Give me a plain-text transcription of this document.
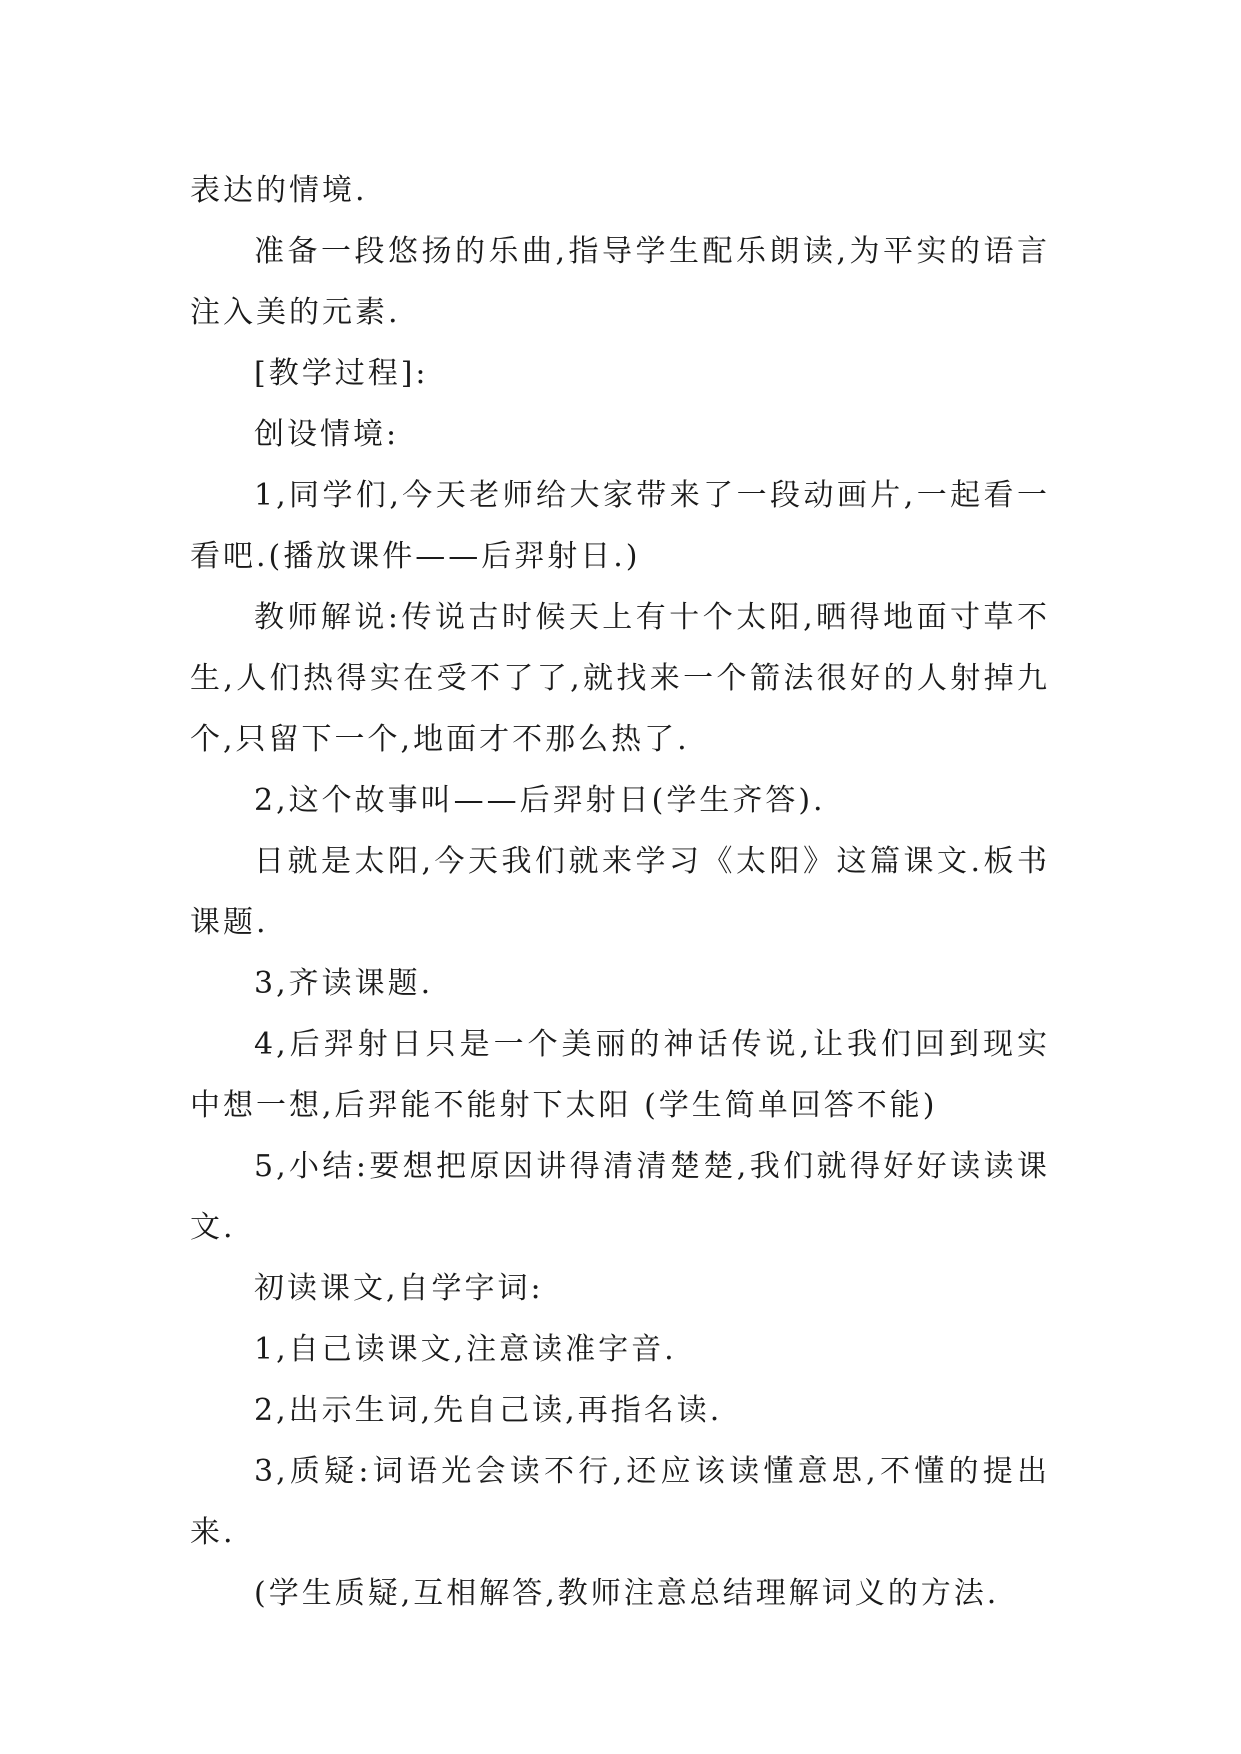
表达的情境.

准备一段悠扬的乐曲,指导学生配乐朗读,为平实的语言注入美的元素.

[教学过程]:

创设情境:

1,同学们,今天老师给大家带来了一段动画片,一起看一看吧.(播放课件——后羿射日.)

教师解说:传说古时候天上有十个太阳,晒得地面寸草不生,人们热得实在受不了了,就找来一个箭法很好的人射掉九个,只留下一个,地面才不那么热了.

2,这个故事叫——后羿射日(学生齐答).

日就是太阳,今天我们就来学习《太阳》这篇课文.板书课题.

3,齐读课题.

4,后羿射日只是一个美丽的神话传说,让我们回到现实中想一想,后羿能不能射下太阳 (学生简单回答不能)

5,小结:要想把原因讲得清清楚楚,我们就得好好读读课文.

初读课文,自学字词:

1,自己读课文,注意读准字音.

2,出示生词,先自己读,再指名读.

3,质疑:词语光会读不行,还应该读懂意思,不懂的提出来.

(学生质疑,互相解答,教师注意总结理解词义的方法.
